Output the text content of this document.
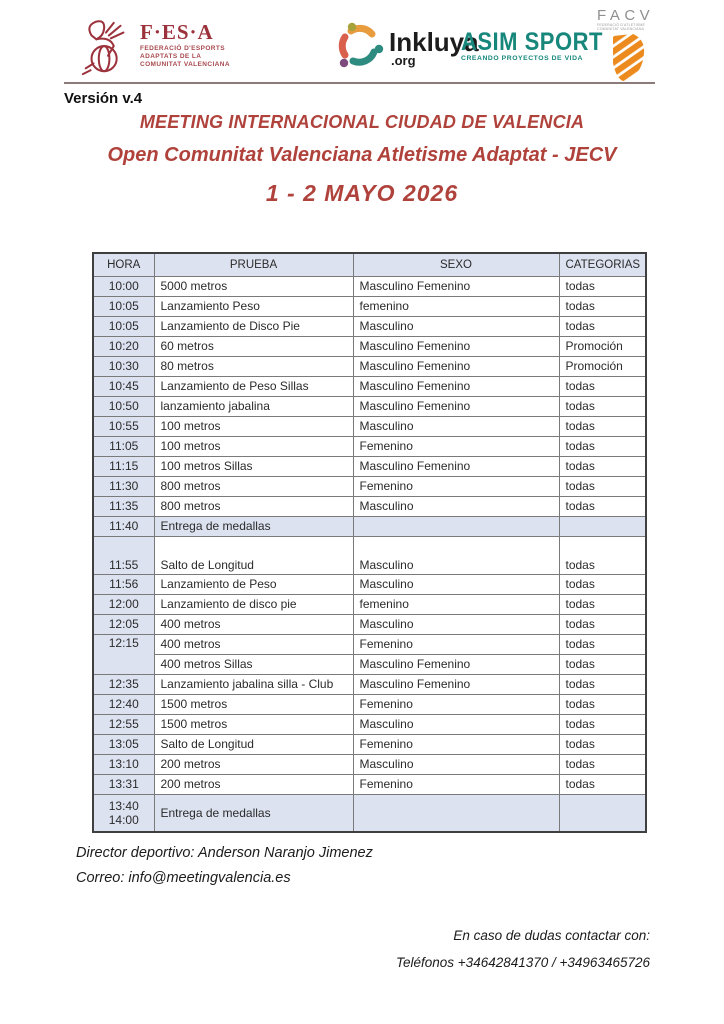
F·ES·A
FEDERACIÓ D'ESPORTS
ADAPTATS DE LA
COMUNITAT VALENCIANA
Inkluya
.org
ASIM SPORT
CREANDO PROYECTOS DE VIDA
FACV
FEDERACIÓ D'ATLETISME COMUNITAT VALENCIANA
Versión v.4
MEETING INTERNACIONAL CIUDAD DE VALENCIA
Open Comunitat Valenciana Atletisme Adaptat - JECV
1 - 2 MAYO 2026
HORA	PRUEBA	SEXO	CATEGORIAS

10:00	5000 metros	Masculino Femenino	todas

10:05	Lanzamiento Peso	femenino	todas

10:05	Lanzamiento de Disco Pie	Masculino	todas

10:20	60 metros	Masculino Femenino	Promoción

10:30	80 metros	Masculino Femenino	Promoción

10:45	Lanzamiento de Peso Sillas	Masculino Femenino	todas

10:50	lanzamiento jabalina	Masculino Femenino	todas

10:55	100 metros	Masculino	todas

11:05	100 metros	Femenino	todas

11:15	100 metros Sillas	Masculino Femenino	todas

11:30	800 metros	Femenino	todas

11:35	800 metros	Masculino	todas

11:40	Entrega de medallas		

11:55	Salto de Longitud	Masculino	todas

11:56	Lanzamiento de Peso	Masculino	todas

12:00	Lanzamiento de disco pie	femenino	todas

12:05	400 metros	Masculino	todas

12:15	400 metros	Femenino	todas
	400 metros Sillas	Masculino Femenino	todas

12:35	Lanzamiento jabalina silla - Club	Masculino Femenino	todas

12:40	1500 metros	Femenino	todas

12:55	1500 metros	Masculino	todas

13:05	Salto de Longitud	Femenino	todas

13:10	200 metros	Masculino	todas

13:31	200 metros	Femenino	todas

13:40
14:00	Entrega de medallas		
Director deportivo: Anderson Naranjo Jimenez
Correo: info@meetingvalencia.es
En caso de dudas contactar con:
Teléfonos +34642841370 / +34963465726
